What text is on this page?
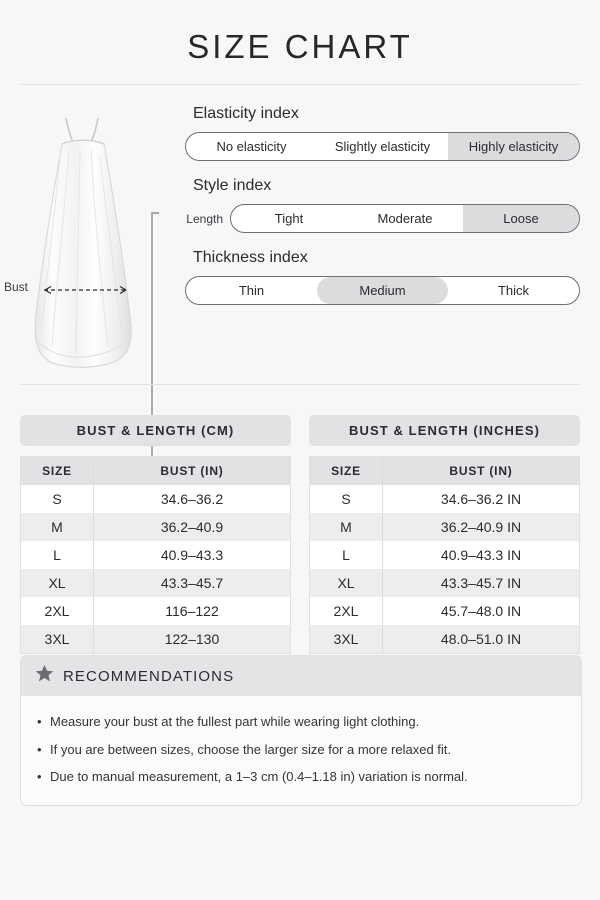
SIZE CHART
Bust
Elasticity index
No elasticity	Slightly elasticity	Highly elasticity
Style index
Length	Tight	Moderate	Loose
Thickness index
Thin	Medium	Thick
BUST & LENGTH (CM)
SIZE	BUST (IN)
S	34.6–36.2
M	36.2–40.9
L	40.9–43.3
XL	43.3–45.7
2XL	116–122
3XL	122–130
BUST & LENGTH (INCHES)
SIZE	BUST (IN)
S	34.6–36.2 IN
M	36.2–40.9 IN
L	40.9–43.3 IN
XL	43.3–45.7 IN
2XL	45.7–48.0 IN
3XL	48.0–51.0 IN
RECOMMENDATIONS
• Measure your bust at the fullest part while wearing light clothing.
• If you are between sizes, choose the larger size for a more relaxed fit.
• Due to manual measurement, a 1–3 cm (0.4–1.18 in) variation is normal.
